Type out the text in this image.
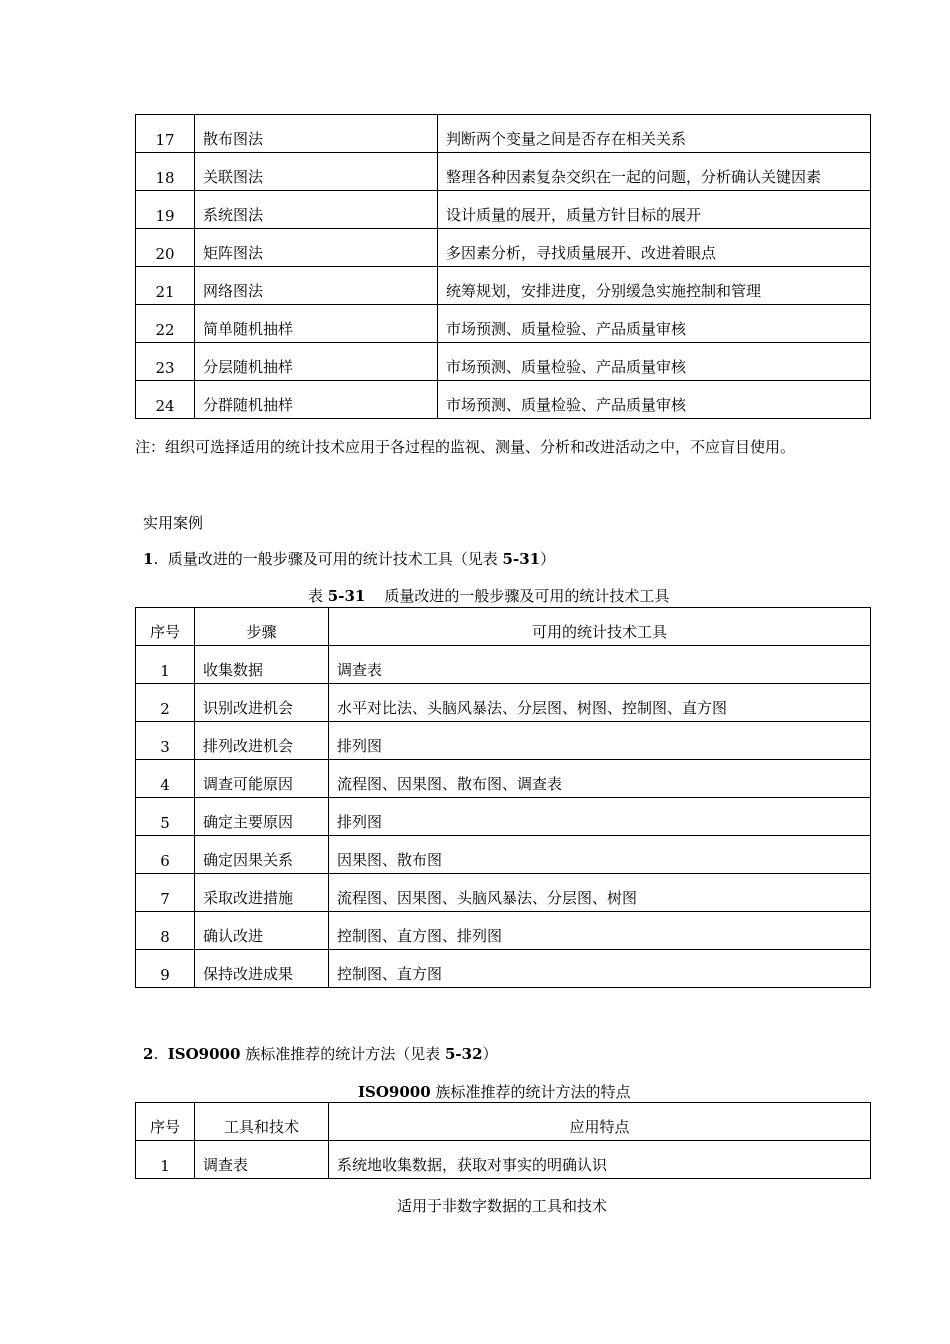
17	散布图法	判断两个变量之间是否存在相关关系
18	关联图法	整理各种因素复杂交织在一起的问题，分析确认关键因素
19	系统图法	设计质量的展开，质量方针目标的展开
20	矩阵图法	多因素分析，寻找质量展开、改进着眼点
21	网络图法	统筹规划，安排进度，分别缓急实施控制和管理
22	简单随机抽样	市场预测、质量检验、产品质量审核
23	分层随机抽样	市场预测、质量检验、产品质量审核
24	分群随机抽样	市场预测、质量检验、产品质量审核
注：组织可选择适用的统计技术应用于各过程的监视、测量、分析和改进活动之中，不应盲目使用。
实用案例
1. 质量改进的一般步骤及可用的统计技术工具（见表 5-31）
表 5-31 质量改进的一般步骤及可用的统计技术工具
序号	步骤	可用的统计技术工具
1	收集数据	调查表
2	识别改进机会	水平对比法、头脑风暴法、分层图、树图、控制图、直方图
3	排列改进机会	排列图
4	调查可能原因	流程图、因果图、散布图、调查表
5	确定主要原因	排列图
6	确定因果关系	因果图、散布图
7	采取改进措施	流程图、因果图、头脑风暴法、分层图、树图
8	确认改进	控制图、直方图、排列图
9	保持改进成果	控制图、直方图
2. ISO9000 族标准推荐的统计方法（见表 5-32）
ISO9000 族标准推荐的统计方法的特点
序号	工具和技术	应用特点
1	调查表	系统地收集数据，获取对事实的明确认识
适用于非数字数据的工具和技术
